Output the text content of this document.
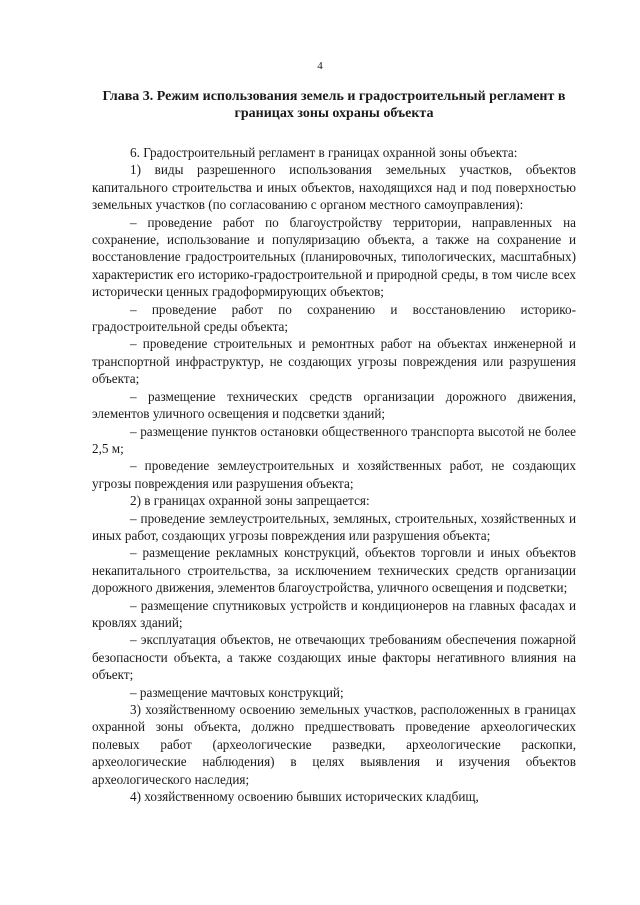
4
Глава 3. Режим использования земель и градостроительный регламент в границах зоны охраны объекта

6. Градостроительный регламент в границах охранной зоны объекта:

1) виды разрешенного использования земельных участков, объектов капитального строительства и иных объектов, находящихся над и под поверхностью земельных участков (по согласованию с органом местного самоуправления):

– проведение работ по благоустройству территории, направленных на сохранение, использование и популяризацию объекта, а также на сохранение и восстановление градостроительных (планировочных, типологических, масштабных) характеристик его историко-градостроительной и природной среды, в том числе всех исторически ценных градоформирующих объектов;

– проведение работ по сохранению и восстановлению историко-градостроительной среды объекта;

– проведение строительных и ремонтных работ на объектах инженерной и транспортной инфраструктур, не создающих угрозы повреждения или разрушения объекта;

– размещение технических средств организации дорожного движения, элементов уличного освещения и подсветки зданий;

– размещение пунктов остановки общественного транспорта высотой не более 2,5 м;

– проведение землеустроительных и хозяйственных работ, не создающих угрозы повреждения или разрушения объекта;

2) в границах охранной зоны запрещается:

– проведение землеустроительных, земляных, строительных, хозяйственных и иных работ, создающих угрозы повреждения или разрушения объекта;

– размещение рекламных конструкций, объектов торговли и иных объектов некапитального строительства, за исключением технических средств организации дорожного движения, элементов благоустройства, уличного освещения и подсветки;

– размещение спутниковых устройств и кондиционеров на главных фасадах и кровлях зданий;

– эксплуатация объектов, не отвечающих требованиям обеспечения пожарной безопасности объекта, а также создающих иные факторы негативного влияния на объект;

– размещение мачтовых конструкций;

3) хозяйственному освоению земельных участков, расположенных в границах охранной зоны объекта, должно предшествовать проведение археологических полевых работ (археологические разведки, археологические раскопки, археологические наблюдения) в целях выявления и изучения объектов археологического наследия;

4) хозяйственному освоению бывших исторических кладбищ,
